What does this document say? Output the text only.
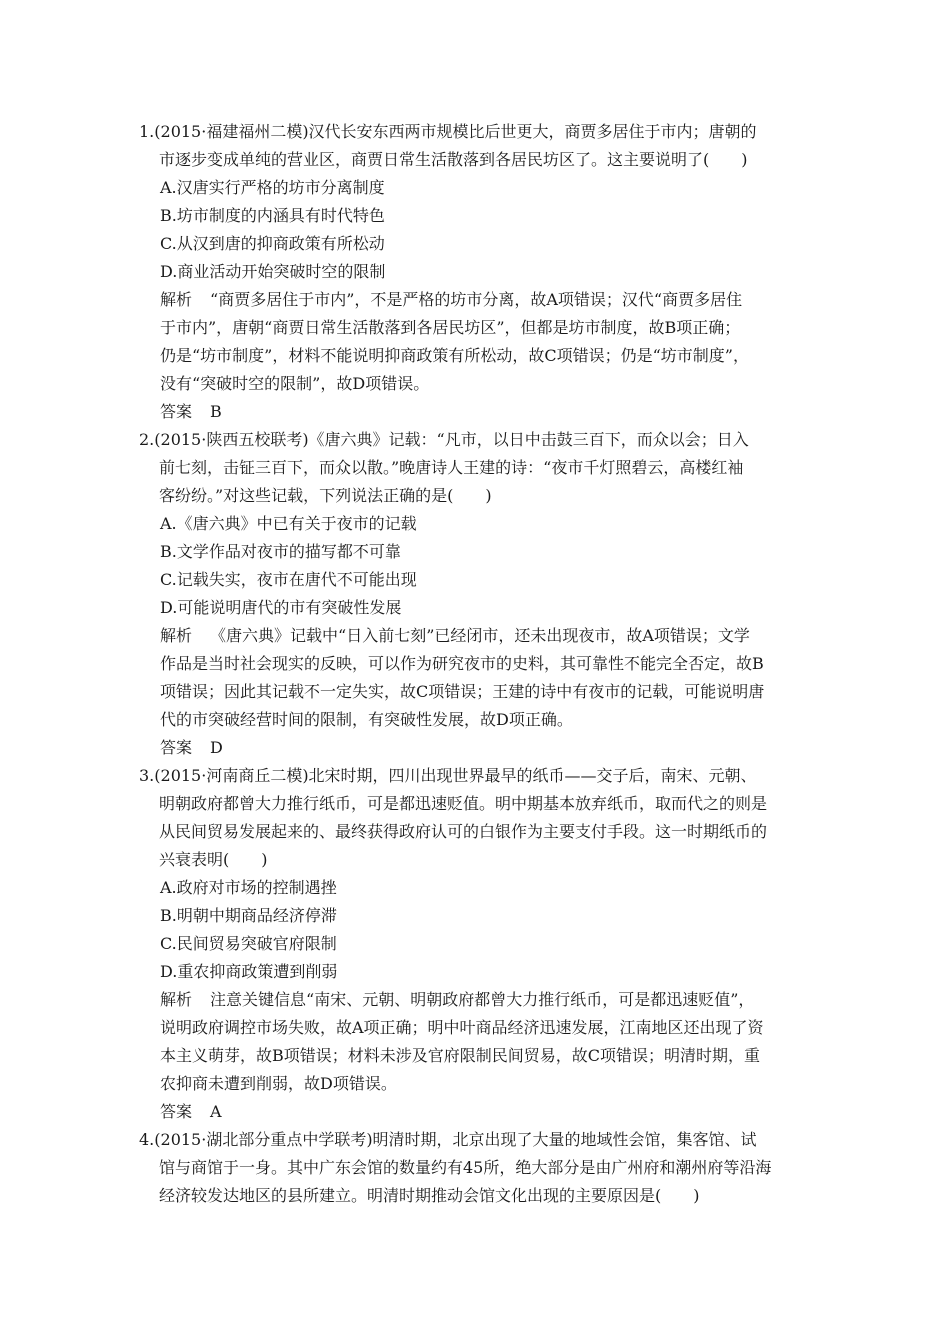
1.(2015·福建福州二模)汉代长安东西两市规模比后世更大，商贾多居住于市内；唐朝的
市逐步变成单纯的营业区，商贾日常生活散落到各居民坊区了。这主要说明了(　　)
A.汉唐实行严格的坊市分离制度
B.坊市制度的内涵具有时代特色
C.从汉到唐的抑商政策有所松动
D.商业活动开始突破时空的限制
解析 “商贾多居住于市内”，不是严格的坊市分离，故A项错误；汉代“商贾多居住
于市内”，唐朝“商贾日常生活散落到各居民坊区”，但都是坊市制度，故B项正确；
仍是“坊市制度”，材料不能说明抑商政策有所松动，故C项错误；仍是“坊市制度”，
没有“突破时空的限制”，故D项错误。
答案 B
2.(2015·陕西五校联考)《唐六典》记载：“凡市，以日中击鼓三百下，而众以会；日入
前七刻，击钲三百下，而众以散。”晚唐诗人王建的诗：“夜市千灯照碧云，高楼红袖
客纷纷。”对这些记载，下列说法正确的是(　　)
A.《唐六典》中已有关于夜市的记载
B.文学作品对夜市的描写都不可靠
C.记载失实，夜市在唐代不可能出现
D.可能说明唐代的市有突破性发展
解析 《唐六典》记载中“日入前七刻”已经闭市，还未出现夜市，故A项错误；文学
作品是当时社会现实的反映，可以作为研究夜市的史料，其可靠性不能完全否定，故B
项错误；因此其记载不一定失实，故C项错误；王建的诗中有夜市的记载，可能说明唐
代的市突破经营时间的限制，有突破性发展，故D项正确。
答案 D
3.(2015·河南商丘二模)北宋时期，四川出现世界最早的纸币——交子后，南宋、元朝、
明朝政府都曾大力推行纸币，可是都迅速贬值。明中期基本放弃纸币，取而代之的则是
从民间贸易发展起来的、最终获得政府认可的白银作为主要支付手段。这一时期纸币的
兴衰表明(　　)
A.政府对市场的控制遇挫
B.明朝中期商品经济停滞
C.民间贸易突破官府限制
D.重农抑商政策遭到削弱
解析 注意关键信息“南宋、元朝、明朝政府都曾大力推行纸币，可是都迅速贬值”，
说明政府调控市场失败，故A项正确；明中叶商品经济迅速发展，江南地区还出现了资
本主义萌芽，故B项错误；材料未涉及官府限制民间贸易，故C项错误；明清时期，重
农抑商未遭到削弱，故D项错误。
答案 A
4.(2015·湖北部分重点中学联考)明清时期，北京出现了大量的地域性会馆，集客馆、试
馆与商馆于一身。其中广东会馆的数量约有45所，绝大部分是由广州府和潮州府等沿海
经济较发达地区的县所建立。明清时期推动会馆文化出现的主要原因是(　　)
